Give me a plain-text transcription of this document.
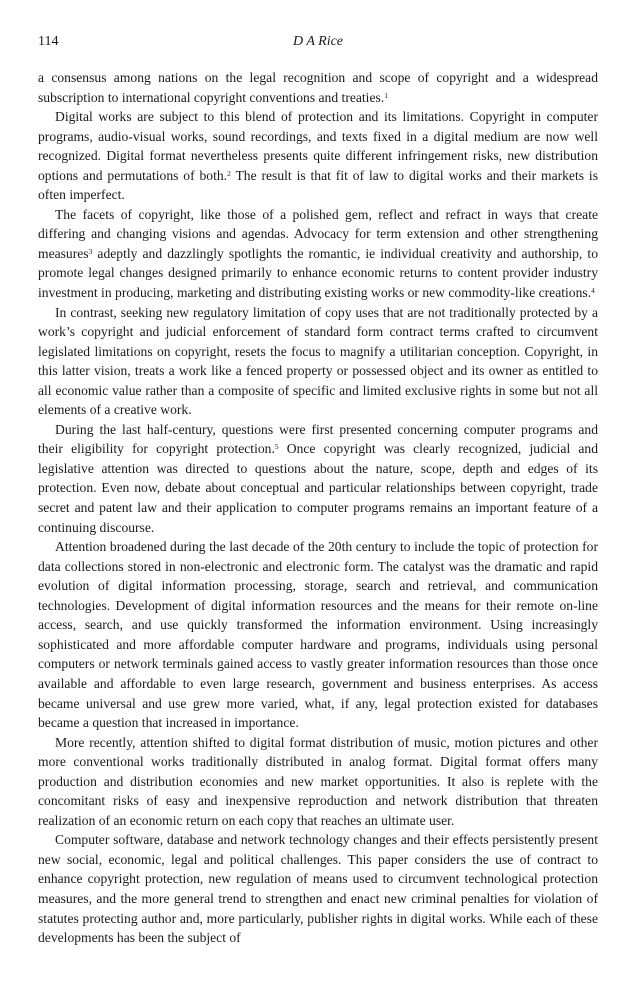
114	D A Rice

a consensus among nations on the legal recognition and scope of copyright and a widespread subscription to international copyright conventions and treaties.$^1$

Digital works are subject to this blend of protection and its limitations. Copyright in computer programs, audio-visual works, sound recordings, and texts fixed in a digital medium are now well recognized. Digital format nevertheless presents quite different infringement risks, new distribution options and permutations of both.$^2$ The result is that fit of law to digital works and their markets is often imperfect.

The facets of copyright, like those of a polished gem, reflect and refract in ways that create differing and changing visions and agendas. Advocacy for term extension and other strengthening measures$^3$ adeptly and dazzlingly spotlights the romantic, ie individual creativity and authorship, to promote legal changes designed primarily to enhance economic returns to content provider industry investment in producing, marketing and distributing existing works or new commodity-like creations.$^4$

In contrast, seeking new regulatory limitation of copy uses that are not traditionally protected by a work’s copyright and judicial enforcement of standard form contract terms crafted to circumvent legislated limitations on copyright, resets the focus to magnify a utilitarian conception. Copyright, in this latter vision, treats a work like a fenced property or possessed object and its owner as entitled to all economic value rather than a composite of specific and limited exclusive rights in some but not all elements of a creative work.

During the last half-century, questions were first presented concerning computer programs and their eligibility for copyright protection.$^5$ Once copyright was clearly recognized, judicial and legislative attention was directed to questions about the nature, scope, depth and edges of its protection. Even now, debate about conceptual and particular relationships between copyright, trade secret and patent law and their application to computer programs remains an important feature of a continuing discourse.

Attention broadened during the last decade of the 20th century to include the topic of protection for data collections stored in non-electronic and electronic form. The catalyst was the dramatic and rapid evolution of digital information processing, storage, search and retrieval, and communication technologies. Development of digital information resources and the means for their remote on-line access, search, and use quickly transformed the information environment. Using increasingly sophisticated and more affordable computer hardware and programs, individuals using personal computers or network terminals gained access to vastly greater information resources than those once available and affordable to even large research, government and business enterprises. As access became universal and use grew more varied, what, if any, legal protection existed for databases became a question that increased in importance.

More recently, attention shifted to digital format distribution of music, motion pictures and other more conventional works traditionally distributed in analog format. Digital format offers many production and distribution economies and new market opportunities. It also is replete with the concomitant risks of easy and inexpensive reproduction and network distribution that threaten realization of an economic return on each copy that reaches an ultimate user.

Computer software, database and network technology changes and their effects persistently present new social, economic, legal and political challenges. This paper considers the use of contract to enhance copyright protection, new regulation of means used to circumvent technological protection measures, and the more general trend to strengthen and enact new criminal penalties for violation of statutes protecting author and, more particularly, publisher rights in digital works. While each of these developments has been the subject of
